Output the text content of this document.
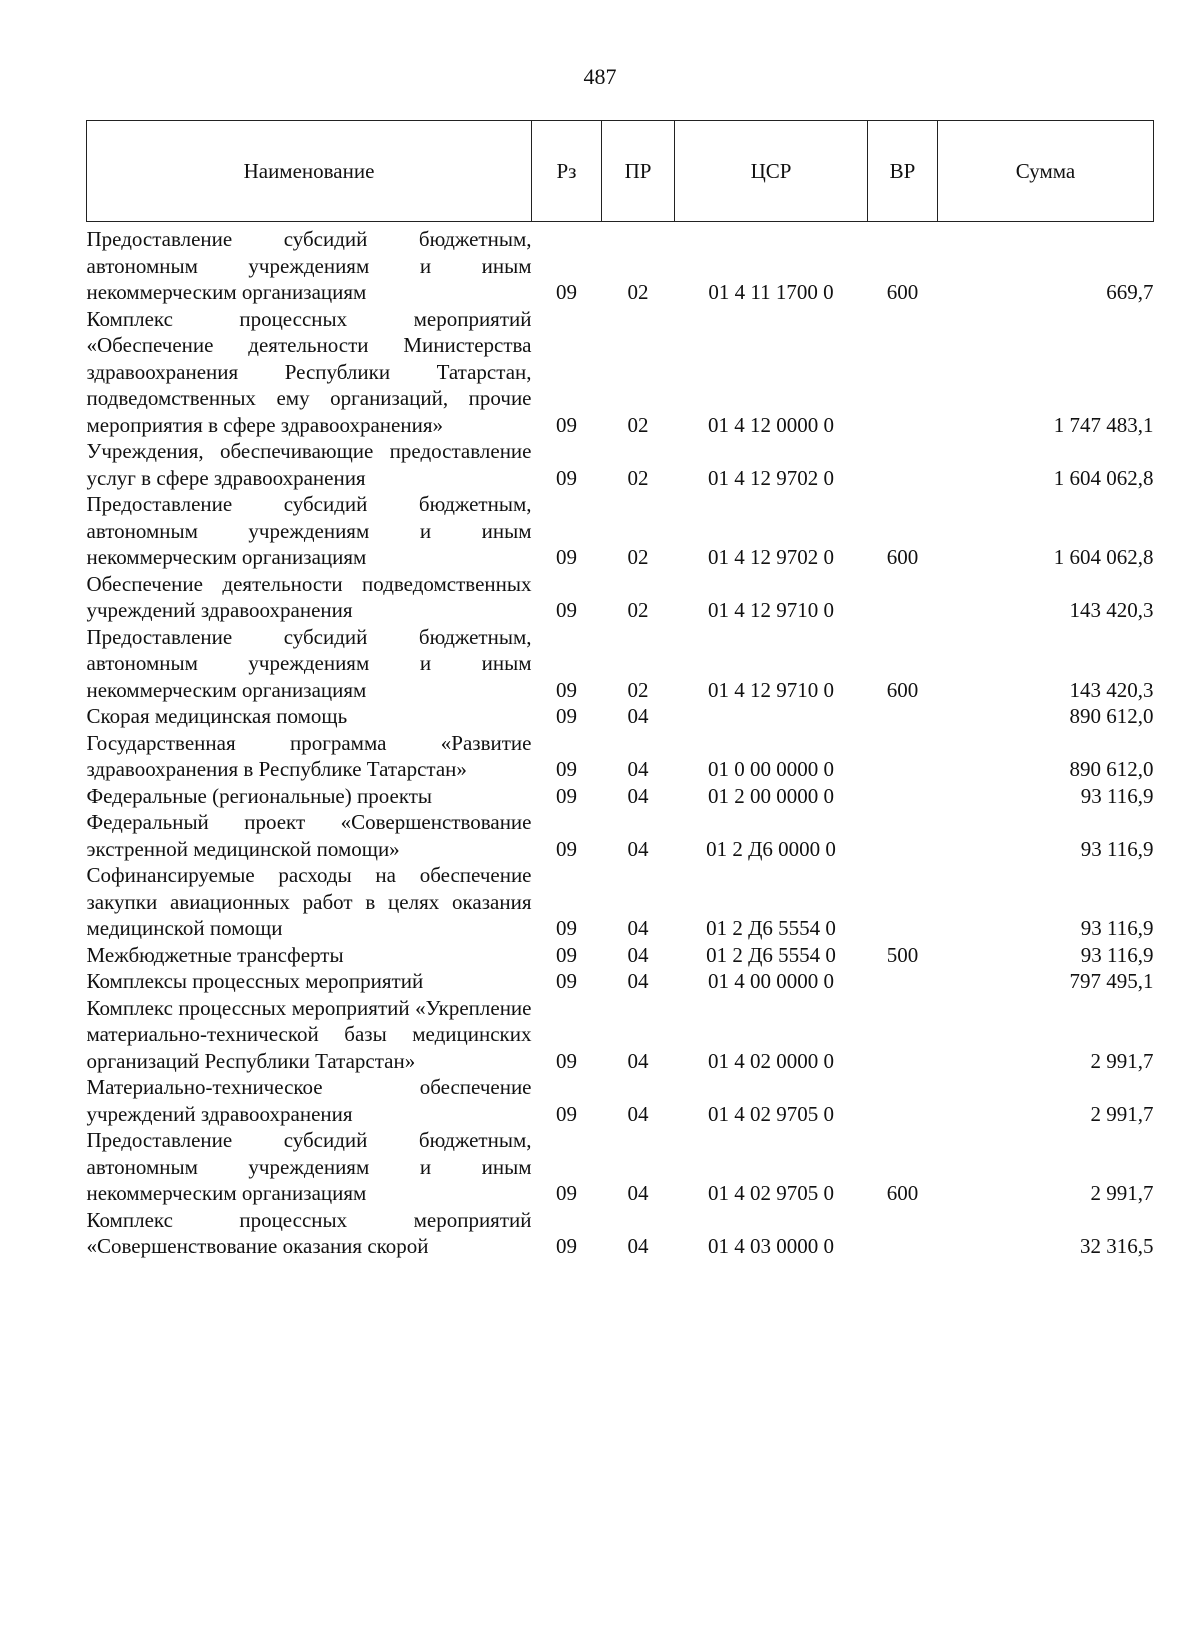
487
Наименование	Рз	ПР	ЦСР	ВР	Сумма
Предоставление субсидий бюджетным, автономным учреждениям и иным некоммерческим организациям	09	02	01 4 11 1700 0	600	669,7
Комплекс процессных мероприятий «Обеспечение деятельности Министерства здравоохранения Республики Татарстан, подведомственных ему организаций, прочие мероприятия в сфере здравоохранения»	09	02	01 4 12 0000 0		1 747 483,1
Учреждения, обеспечивающие предоставление услуг в сфере здравоохранения	09	02	01 4 12 9702 0		1 604 062,8
Предоставление субсидий бюджетным, автономным учреждениям и иным некоммерческим организациям	09	02	01 4 12 9702 0	600	1 604 062,8
Обеспечение деятельности подведомственных учреждений здравоохранения	09	02	01 4 12 9710 0		143 420,3
Предоставление субсидий бюджетным, автономным учреждениям и иным некоммерческим организациям	09	02	01 4 12 9710 0	600	143 420,3
Скорая медицинская помощь	09	04			890 612,0
Государственная программа «Развитие здравоохранения в Республике Татарстан»	09	04	01 0 00 0000 0		890 612,0
Федеральные (региональные) проекты	09	04	01 2 00 0000 0		93 116,9
Федеральный проект «Совершенствование экстренной медицинской помощи»	09	04	01 2 Д6 0000 0		93 116,9
Софинансируемые расходы на обеспечение закупки авиационных работ в целях оказания медицинской помощи	09	04	01 2 Д6 5554 0		93 116,9
Межбюджетные трансферты	09	04	01 2 Д6 5554 0	500	93 116,9
Комплексы процессных мероприятий	09	04	01 4 00 0000 0		797 495,1
Комплекс процессных мероприятий «Укрепление материально-технической базы медицинских организаций Республики Татарстан»	09	04	01 4 02 0000 0		2 991,7
Материально-техническое обеспечение учреждений здравоохранения	09	04	01 4 02 9705 0		2 991,7
Предоставление субсидий бюджетным, автономным учреждениям и иным некоммерческим организациям	09	04	01 4 02 9705 0	600	2 991,7
Комплекс процессных мероприятий «Совершенствование оказания скорой	09	04	01 4 03 0000 0		32 316,5
